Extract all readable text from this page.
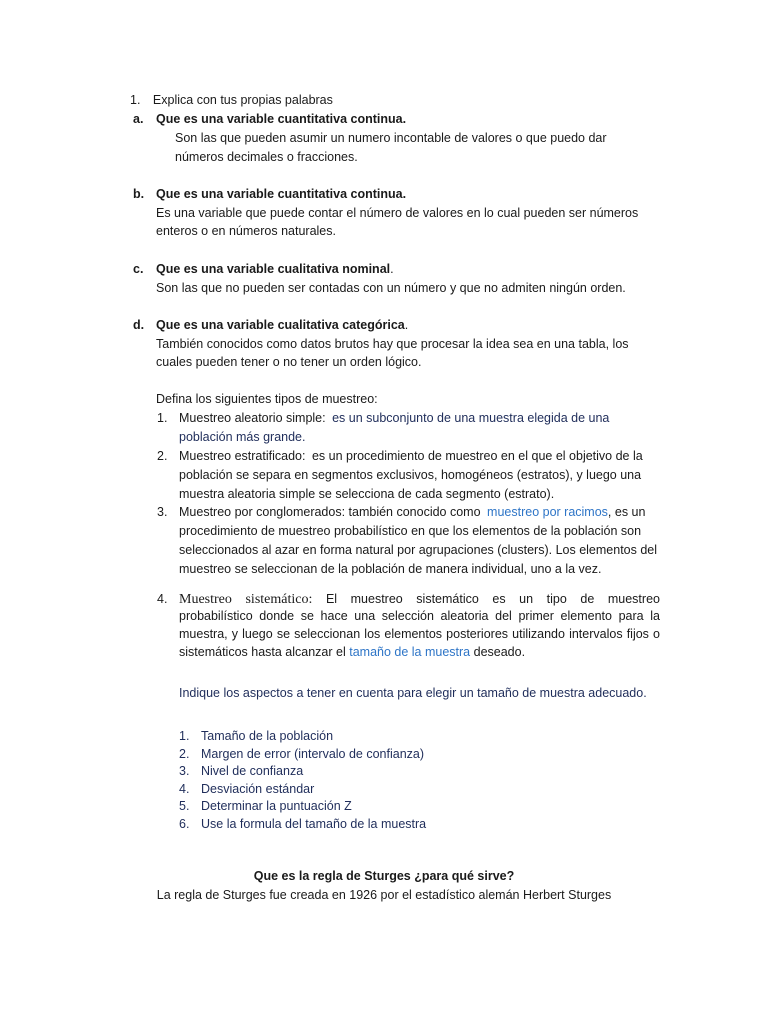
1. Explica con tus propias palabras
a. Que es una variable cuantitativa continua.
Son las que pueden asumir un numero incontable de valores o que puedo dar
números decimales o fracciones.
b. Que es una variable cuantitativa continua.
Es una variable que puede contar el número de valores en lo cual pueden ser números
enteros o en números naturales.
c. Que es una variable cualitativa nominal.
Son las que no pueden ser contadas con un número y que no admiten ningún orden.
d. Que es una variable cualitativa categórica.
También conocidos como datos brutos hay que procesar la idea sea en una tabla, los
cuales pueden tener o no tener un orden lógico.
Defina los siguientes tipos de muestreo:
1. Muestreo aleatorio simple: es un subconjunto de una muestra elegida de una
población más grande.
2. Muestreo estratificado: es un procedimiento de muestreo en el que el objetivo de la
población se separa en segmentos exclusivos, homogéneos (estratos), y luego una
muestra aleatoria simple se selecciona de cada segmento (estrato).
3. Muestreo por conglomerados: también conocido como muestreo por racimos, es un
procedimiento de muestreo probabilístico en que los elementos de la población son
seleccionados al azar en forma natural por agrupaciones (clusters). Los elementos del
muestreo se seleccionan de la población de manera individual, uno a la vez.
4. Muestreo sistemático: El muestreo sistemático es un tipo de muestreo
probabilístico donde se hace una selección aleatoria del primer elemento para la
muestra, y luego se seleccionan los elementos posteriores utilizando intervalos fijos o
sistemáticos hasta alcanzar el tamaño de la muestra deseado.
Indique los aspectos a tener en cuenta para elegir un tamaño de muestra adecuado.
1. Tamaño de la población
2. Margen de error (intervalo de confianza)
3. Nivel de confianza
4. Desviación estándar
5. Determinar la puntuación Z
6. Use la formula del tamaño de la muestra
Que es la regla de Sturges ¿para qué sirve?
La regla de Sturges fue creada en 1926 por el estadístico alemán Herbert Sturges
